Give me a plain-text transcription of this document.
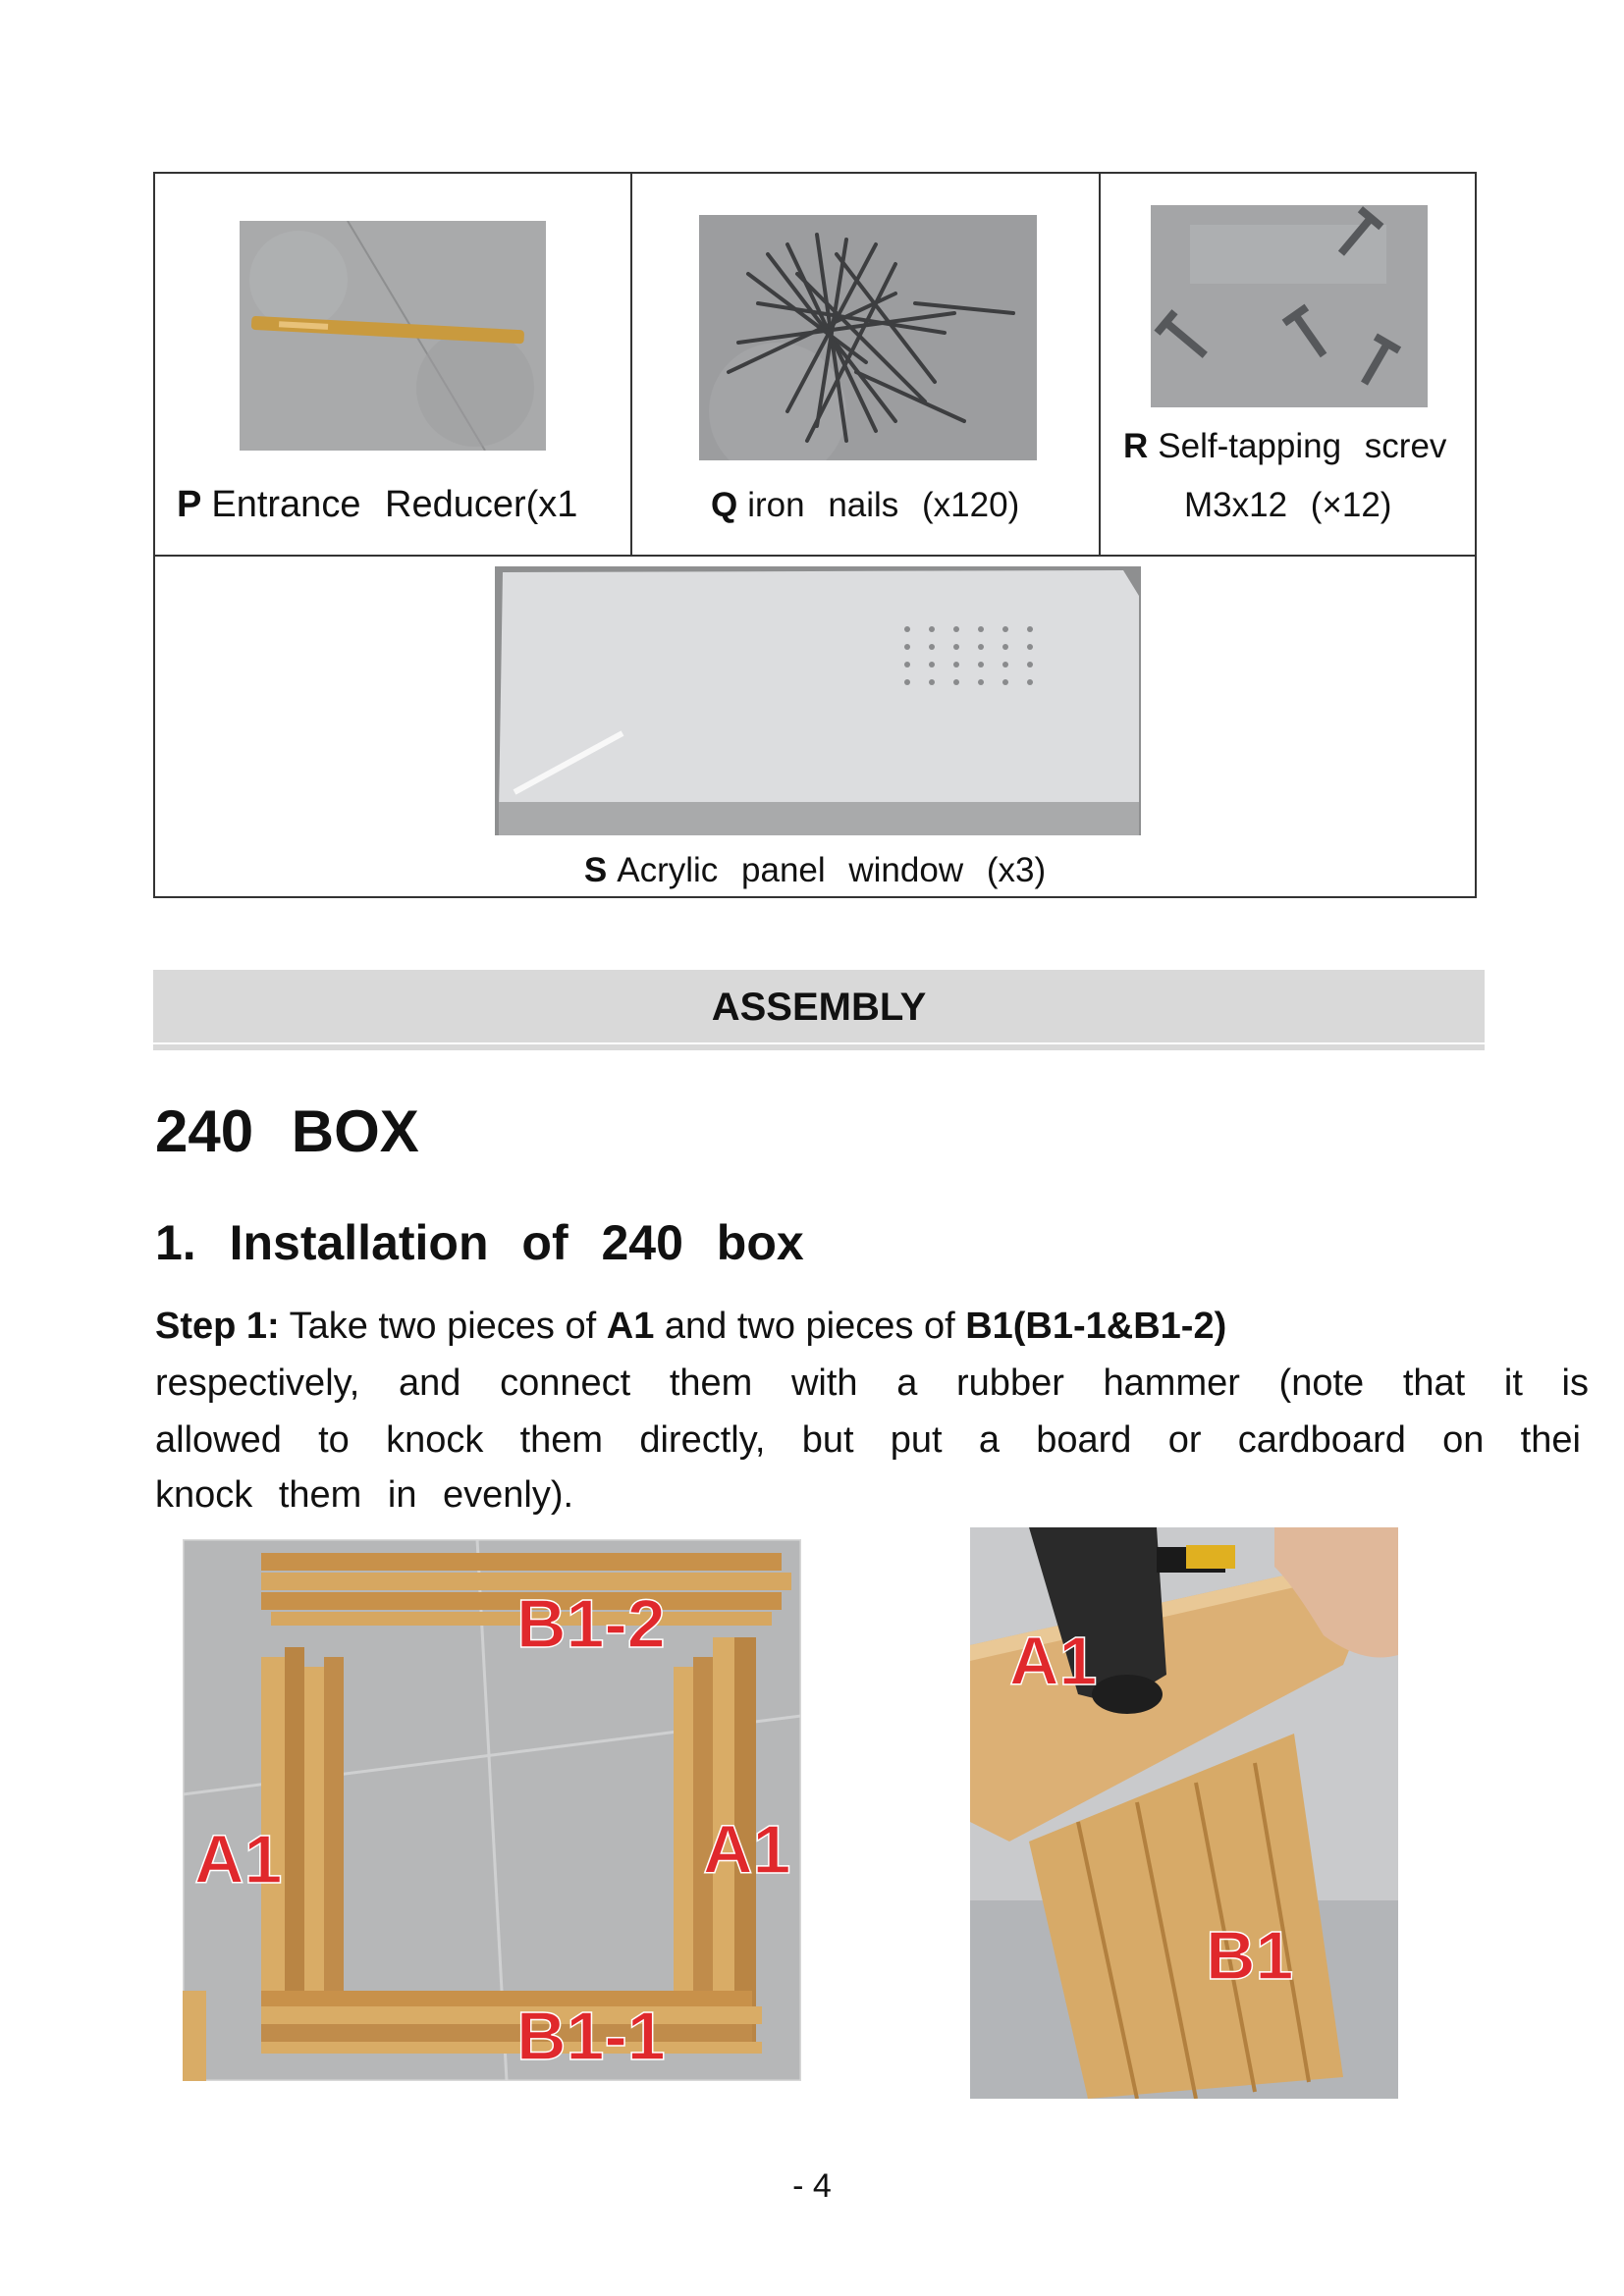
P Entrance Reducer(x1	Q iron nails (x120)
R Self-tapping screv
M3x12 (×12)
S Acrylic panel window (x3)
ASSEMBLY
240 BOX
1. Installation of 240 box
Step 1: Take two pieces of A1 and two pieces of B1(B1-1&B1-2)
respectively, and connect them with a rubber hammer (note that it is
allowed to knock them directly, but put a board or cardboard on thei
knock them in evenly).
B1-2
A1	A1
B1-1
A1
B1
- 4
